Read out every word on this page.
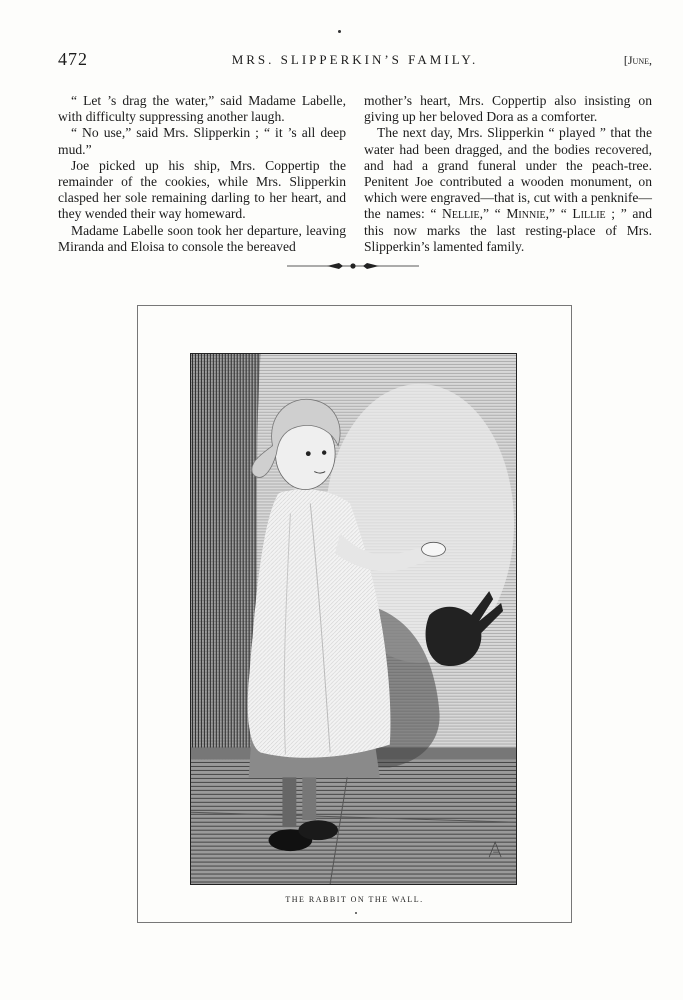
472	MRS. SLIPPERKIN’S FAMILY.	[June,

“ Let ’s drag the water,” said Madame Labelle, with difficulty suppressing another laugh.

“ No use,” said Mrs. Slipperkin ; “ it ’s all deep mud.”

Joe picked up his ship, Mrs. Coppertip the remainder of the cookies, while Mrs. Slipperkin clasped her sole remaining darling to her heart, and they wended their way homeward.

Madame Labelle soon took her departure, leaving Miranda and Eloisa to console the bereaved

mother’s heart, Mrs. Coppertip also insisting on giving up her beloved Dora as a comforter.

The next day, Mrs. Slipperkin “ played ” that the water had been dragged, and the bodies recovered, and had a grand funeral under the peach-tree. Penitent Joe contributed a wooden monument, on which were engraved—that is, cut with a penknife—the names: “ Nellie,” “ Minnie,” “ Lillie ; ” and this now marks the last resting-place of Mrs. Slipperkin’s lamented family.

THE RABBIT ON THE WALL.
